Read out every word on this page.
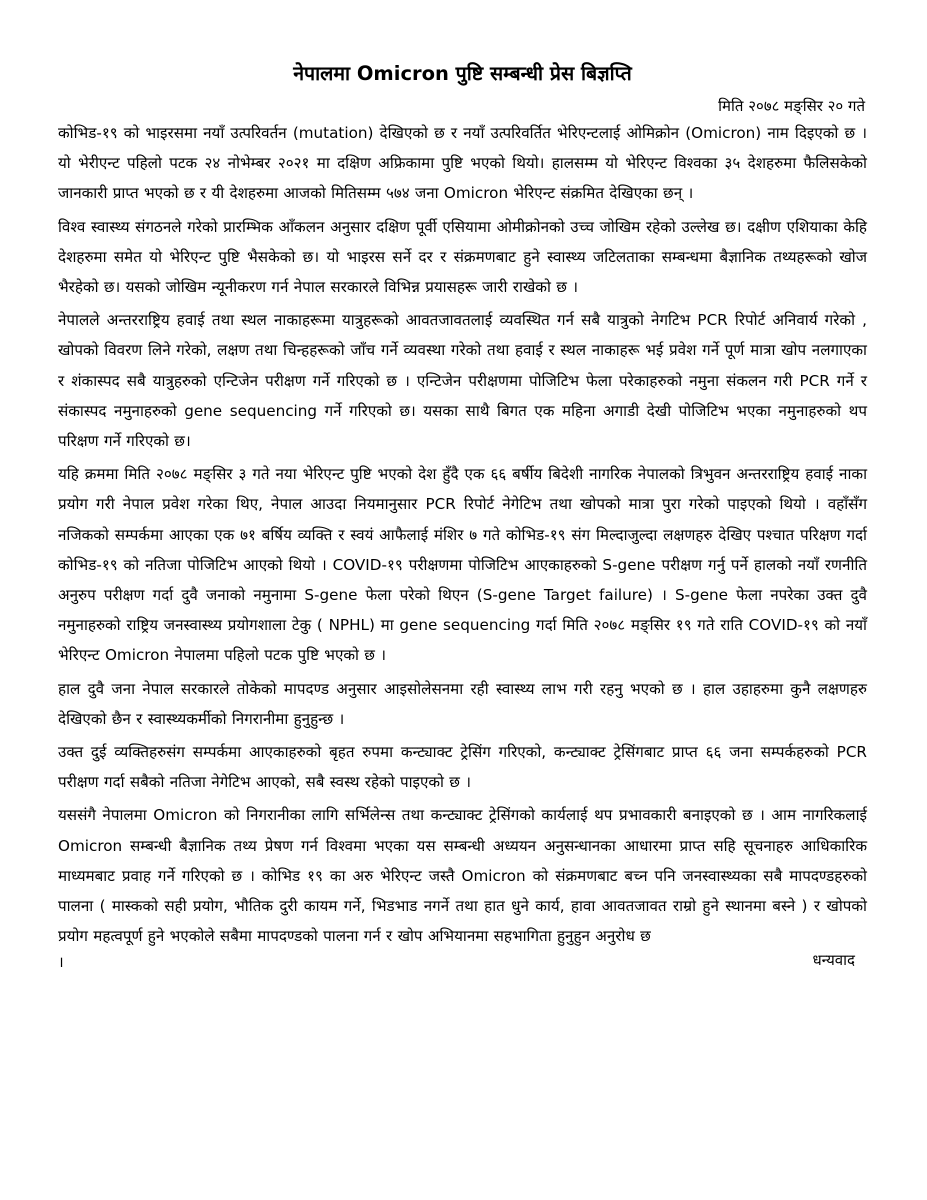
नेपालमा Omicron पुष्टि सम्बन्धी प्रेस बिज्ञप्ति
मिति २०७८ मङ्सिर २० गते

कोभिड-१९ को भाइरसमा नयाँ उत्परिवर्तन (mutation) देखिएको छ र नयाँ उत्परिवर्तित भेरिएन्टलाई ओमिक्रोन (Omicron) नाम दिइएको छ । यो भेरीएन्ट पहिलो पटक २४ नोभेम्बर २०२१ मा दक्षिण अफ्रिकामा पुष्टि भएको थियो। हालसम्म यो भेरिएन्ट विश्वका ३५ देशहरुमा फैलिसकेको जानकारी प्राप्त भएको छ र यी देशहरुमा आजको मितिसम्म ५७४ जना Omicron भेरिएन्ट संक्रमित देखिएका छन् ।

विश्व स्वास्थ्य संगठनले गरेको प्रारम्भिक आँकलन अनुसार दक्षिण पूर्वी एसियामा ओमीक्रोनको उच्च जोखिम रहेको उल्लेख छ। दक्षीण एशियाका केहि देशहरुमा समेत यो भेरिएन्ट पुष्टि भैसकेको छ। यो भाइरस सर्ने दर र संक्रमणबाट हुने स्वास्थ्य जटिलताका सम्बन्धमा बैज्ञानिक तथ्यहरूको खोज भैरहेको छ। यसको जोखिम न्यूनीकरण गर्न नेपाल सरकारले विभिन्न प्रयासहरू जारी राखेको छ ।

नेपालले अन्तरराष्ट्रिय हवाई तथा स्थल नाकाहरूमा यात्रुहरूको आवतजावतलाई व्यवस्थित गर्न सबै यात्रुको नेगटिभ PCR रिपोर्ट अनिवार्य गरेको , खोपको विवरण लिने गरेको, लक्षण तथा चिन्हहरूको जाँच गर्ने व्यवस्था गरेको तथा हवाई र स्थल नाकाहरू भई प्रवेश गर्ने पूर्ण मात्रा खोप नलगाएका र शंकास्पद सबै यात्रुहरुको एन्टिजेन परीक्षण गर्ने गरिएको छ । एन्टिजेन परीक्षणमा पोजिटिभ फेला परेकाहरुको नमुना संकलन गरी PCR गर्ने र संकास्पद नमुनाहरुको gene sequencing गर्ने गरिएको छ। यसका साथै बिगत एक महिना अगाडी देखी पोजिटिभ भएका नमुनाहरुको थप परिक्षण गर्ने गरिएको छ।

यहि क्रममा मिति २०७८ मङ्सिर ३ गते नया भेरिएन्ट पुष्टि भएको देश हुँदै एक ६६ बर्षीय बिदेशी नागरिक नेपालको त्रिभुवन अन्तरराष्ट्रिय हवाई नाका प्रयोग गरी नेपाल प्रवेश गरेका थिए, नेपाल आउदा नियमानुसार PCR रिपोर्ट नेगेटिभ तथा खोपको मात्रा पुरा गरेको पाइएको थियो । वहाँसँग नजिकको सम्पर्कमा आएका एक ७१ बर्षिय व्यक्ति र स्वयं आफैलाई मंशिर ७ गते कोभिड-१९ संग मिल्दाजुल्दा लक्षणहरु देखिए पश्चात परिक्षण गर्दा कोभिड-१९ को नतिजा पोजिटिभ आएको थियो । COVID-१९ परीक्षणमा पोजिटिभ आएकाहरुको S-gene परीक्षण गर्नु पर्ने हालको नयाँ रणनीति अनुरुप परीक्षण गर्दा दुवै जनाको नमुनामा S-gene फेला परेको थिएन (S-gene Target failure) । S-gene फेला नपरेका उक्त दुवै नमुनाहरुको राष्ट्रिय जनस्वास्थ्य प्रयोगशाला टेकु ( NPHL) मा gene sequencing गर्दा मिति २०७८ मङ्सिर १९ गते राति COVID-१९ को नयाँ भेरिएन्ट Omicron नेपालमा पहिलो पटक पुष्टि भएको छ ।

हाल दुवै जना नेपाल सरकारले तोकेको मापदण्ड अनुसार आइसोलेसनमा रही स्वास्थ्य लाभ गरी रहनु भएको छ । हाल उहाहरुमा कुनै लक्षणहरु देखिएको छैन र स्वास्थ्यकर्मीको निगरानीमा हुनुहुन्छ ।

उक्त दुई व्यक्तिहरुसंग सम्पर्कमा आएकाहरुको बृहत रुपमा कन्ट्याक्ट ट्रेसिंग गरिएको, कन्ट्याक्ट ट्रेसिंगबाट प्राप्त ६६ जना सम्पर्कहरुको PCR परीक्षण गर्दा सबैको नतिजा नेगेटिभ आएको, सबै स्वस्थ रहेको पाइएको छ ।

यससंगै नेपालमा Omicron को निगरानीका लागि सर्भिलेन्स तथा कन्ट्याक्ट ट्रेसिंगको कार्यलाई थप प्रभावकारी बनाइएको छ । आम नागरिकलाई Omicron सम्बन्धी बैज्ञानिक तथ्य प्रेषण गर्न विश्वमा भएका यस सम्बन्धी अध्ययन अनुसन्धानका आधारमा प्राप्त सहि सूचनाहरु आधिकारिक माध्यमबाट प्रवाह गर्ने गरिएको छ । कोभिड १९ का अरु भेरिएन्ट जस्तै Omicron को संक्रमणबाट बच्न पनि जनस्वास्थ्यका सबै मापदण्डहरुको पालना ( मास्कको सही प्रयोग, भौतिक दुरी कायम गर्ने, भिडभाड नगर्ने तथा हात धुने कार्य, हावा आवतजावत राम्रो हुने स्थानमा बस्ने ) र खोपको प्रयोग महत्वपूर्ण हुने भएकोले सबैमा मापदण्डको पालना गर्न र खोप अभियानमा सहभागिता हुनुहुन अनुरोध छ

।	धन्यवाद
